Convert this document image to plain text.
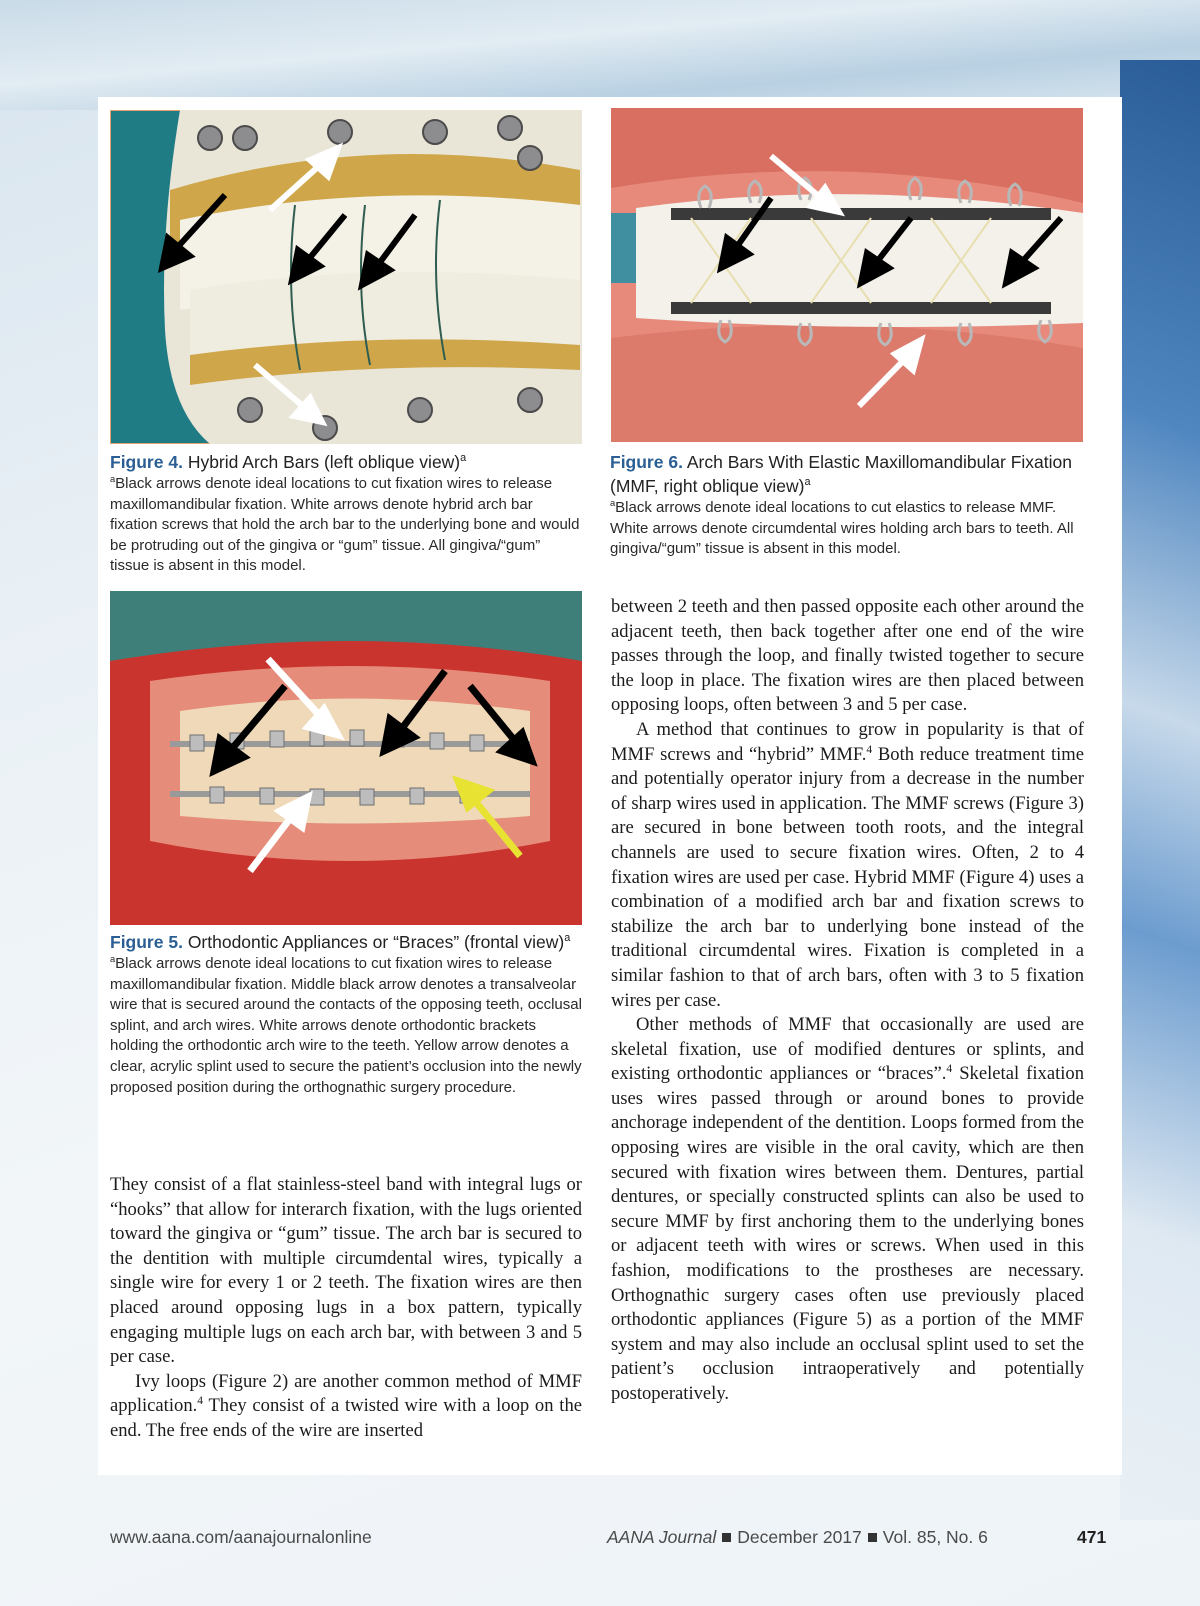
Figure 4. Hybrid Arch Bars (left oblique view)$^a$
$^a$Black arrows denote ideal locations to cut fixation wires to release maxillomandibular fixation. White arrows denote hybrid arch bar fixation screws that hold the arch bar to the underlying bone and would be protruding out of the gingiva or “gum” tissue. All gingiva/“gum” tissue is absent in this model.
Figure 6. Arch Bars With Elastic Maxillomandibular Fixation (MMF, right oblique view)$^a$
$^a$Black arrows denote ideal locations to cut elastics to release MMF. White arrows denote circumdental wires holding arch bars to teeth. All gingiva/“gum” tissue is absent in this model.
Figure 5. Orthodontic Appliances or “Braces” (frontal view)$^a$
$^a$Black arrows denote ideal locations to cut fixation wires to release maxillomandibular fixation. Middle black arrow denotes a transalveolar wire that is secured around the contacts of the opposing teeth, occlusal splint, and arch wires. White arrows denote orthodontic brackets holding the orthodontic arch wire to the teeth. Yellow arrow denotes a clear, acrylic splint used to secure the patient’s occlusion into the newly proposed position during the orthognathic surgery procedure.

They consist of a flat stainless-steel band with integral lugs or “hooks” that allow for interarch fixation, with the lugs oriented toward the gingiva or “gum” tissue. The arch bar is secured to the dentition with multiple circumdental wires, typically a single wire for every 1 or 2 teeth. The fixation wires are then placed around opposing lugs in a box pattern, typically engaging multiple lugs on each arch bar, with between 3 and 5 per case.

Ivy loops (Figure 2) are another common method of MMF application.$^4$ They consist of a twisted wire with a loop on the end. The free ends of the wire are inserted

between 2 teeth and then passed opposite each other around the adjacent teeth, then back together after one end of the wire passes through the loop, and finally twisted together to secure the loop in place. The fixation wires are then placed between opposing loops, often between 3 and 5 per case.

A method that continues to grow in popularity is that of MMF screws and “hybrid” MMF.$^4$ Both reduce treatment time and potentially operator injury from a decrease in the number of sharp wires used in application. The MMF screws (Figure 3) are secured in bone between tooth roots, and the integral channels are used to secure fixation wires. Often, 2 to 4 fixation wires are used per case. Hybrid MMF (Figure 4) uses a combination of a modified arch bar and fixation screws to stabilize the arch bar to underlying bone instead of the traditional circumdental wires. Fixation is completed in a similar fashion to that of arch bars, often with 3 to 5 fixation wires per case.

Other methods of MMF that occasionally are used are skeletal fixation, use of modified dentures or splints, and existing orthodontic appliances or “braces”.$^4$ Skeletal fixation uses wires passed through or around bones to provide anchorage independent of the dentition. Loops formed from the opposing wires are visible in the oral cavity, which are then secured with fixation wires between them. Dentures, partial dentures, or specially constructed splints can also be used to secure MMF by first anchoring them to the underlying bones or adjacent teeth with wires or screws. When used in this fashion, modifications to the prostheses are necessary. Orthognathic surgery cases often use previously placed orthodontic appliances (Figure 5) as a portion of the MMF system and may also include an occlusal splint used to set the patient’s occlusion intraoperatively and potentially postoperatively.

www.aana.com/aanajournalonline	AANA Journal December 2017 Vol. 85, No. 6	471
